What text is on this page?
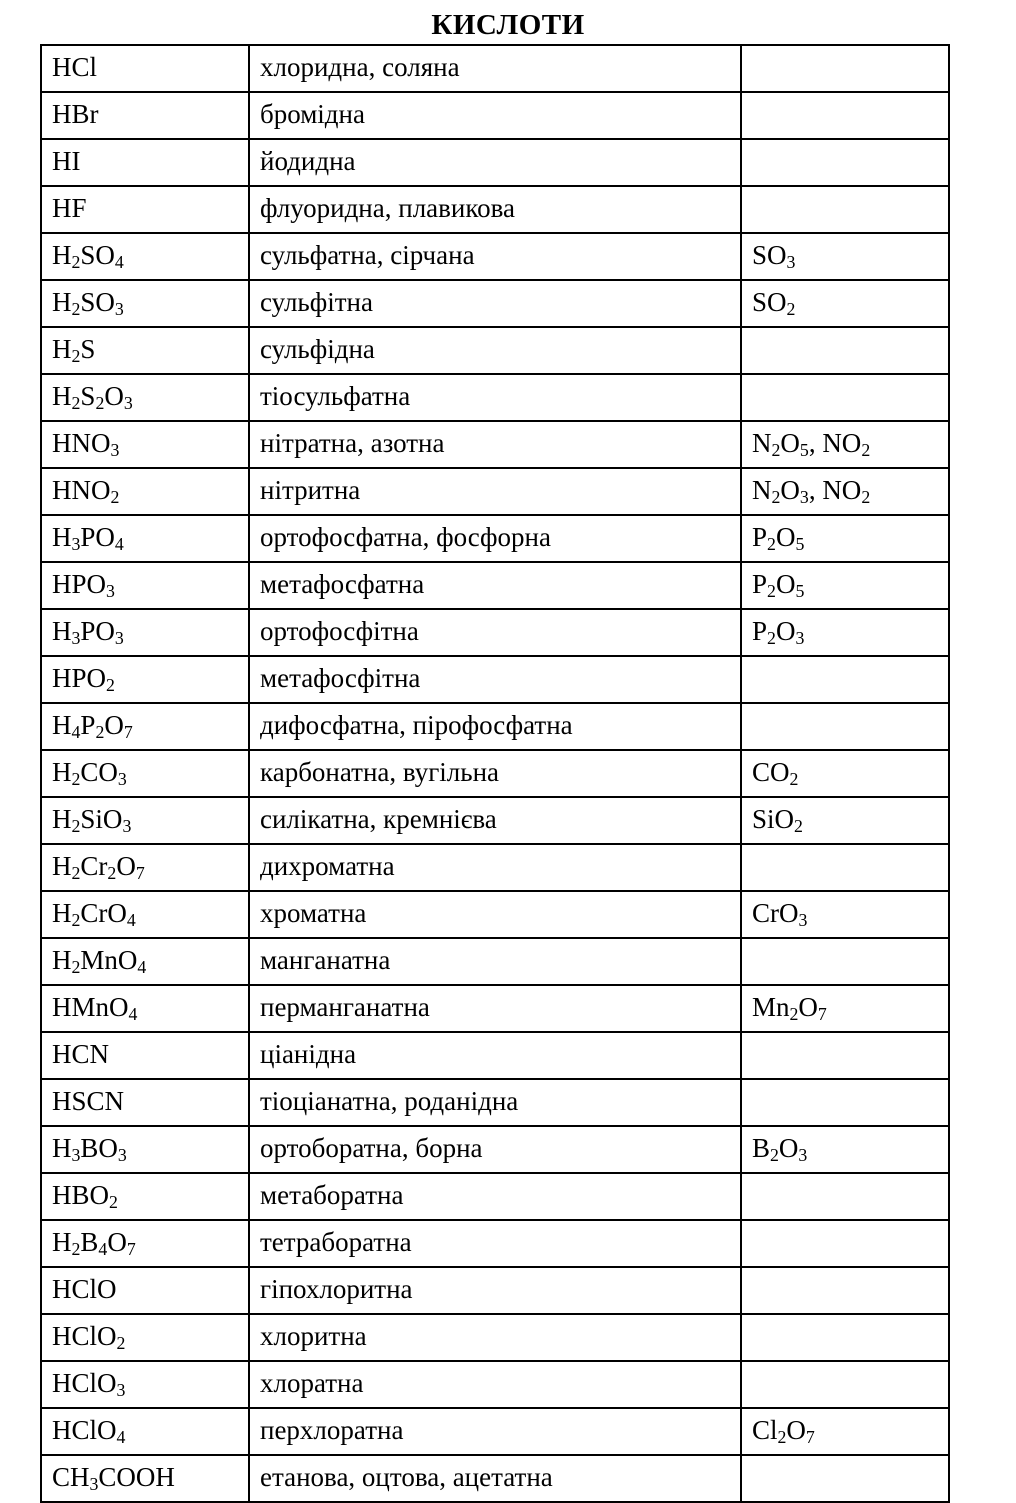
КИСЛОТИ
HCl	хлоридна, соляна	

HBr	бромідна	

HI	йодидна	

HF	флуоридна, плавикова	

$H_2SO_4$	сульфатна, сірчана	$SO_3$

$H_2SO_3$	сульфітна	$SO_2$

$H_2S$	сульфідна	

$H_2S_2O_3$	тіосульфатна	

$HNO_3$	нітратна, азотна	$N_2O_5$, $NO_2$

$HNO_2$	нітритна	$N_2O_3$, $NO_2$

$H_3PO_4$	ортофосфатна, фосфорна	$P_2O_5$

$HPO_3$	метафосфатна	$P_2O_5$

$H_3PO_3$	ортофосфітна	$P_2O_3$

$HPO_2$	метафосфітна	

$H_4P_2O_7$	дифосфатна, пірофосфатна	

$H_2CO_3$	карбонатна, вугільна	$CO_2$

$H_2SiO_3$	силікатна, кремнієва	SiO$_2$

$H_2Cr_2O_7$	дихроматна	

$H_2CrO_4$	хроматна	CrO$_3$

$H_2MnO_4$	манганатна	

HMnO$_4$	перманганатна	$Mn_2O_7$

HCN	ціанідна	

HSCN	тіоціанатна, роданідна	

$H_3BO_3$	ортоборатна, борна	$B_2O_3$

$HBO_2$	метаборатна	

$H_2B_4O_7$	тетраборатна	

HClO	гіпохлоритна	

HClO$_2$	хлоритна	

HClO$_3$	хлоратна	

HClO$_4$	перхлоратна	$Cl_2O_7$

$CH_3COOH$	етанова, оцтова, ацетатна	
